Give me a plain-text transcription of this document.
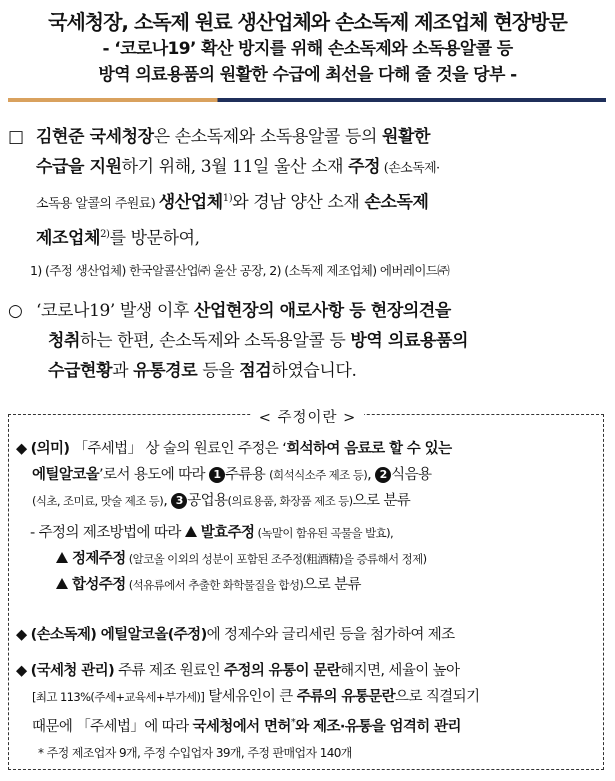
국세청장, 소독제 원료 생산업체와 손소독제 제조업체 현장방문
- ‘코로나19’ 확산 방지를 위해 손소독제와 소독용알콜 등
방역 의료용품의 원활한 수급에 최선을 다해 줄 것을 당부 -
□ 김현준 국세청장은 손소독제와 소독용알콜 등의 원활한
수급을 지원하기 위해, 3월 11일 울산 소재 주정 (손소독제·
소독용 알콜의 주원료) 생산업체$^{1)}$와 경남 양산 소재 손소독제
제조업체$^{2)}$를 방문하여,
1) (주정 생산업체) 한국알콜산업㈜ 울산 공장, 2) (소독제 제조업체) 에버레이드㈜
○ ‘코로나19’ 발생 이후 산업현장의 애로사항 등 현장의견을
청취하는 한편, 손소독제와 소독용알콜 등 방역 의료용품의
수급현황과 유통경로 등을 점검하였습니다.
< 주정이란 >
◆ (의미) 「주세법」 상 술의 원료인 주정은 ‘희석하여 음료로 할 수 있는
에틸알코올’로서 용도에 따라 1 주류용 (희석식소주 제조 등), 2 식음용
(식초, 조미료, 맛술 제조 등), 3 공업용(의료용품, 화장품 제조 등)으로 분류
- 주정의 제조방법에 따라  발효주정 (녹말이 함유된 곡물을 발효),
정제주정 (알코올 이외의 성분이 포함된 조주정(粗酒精)을 증류해서 정제)
합성주정 (석유류에서 추출한 화학물질을 합성)으로 분류
◆ (손소독제) 에틸알코올(주정)에 정제수와 글리세린 등을 첨가하여 제조
◆ (국세청 관리) 주류 제조 원료인 주정의 유통이 문란해지면, 세율이 높아
[최고 113%(주세+교육세+부가세)] 탈세유인이 큰 주류의 유통문란으로 직결되기
때문에 「주세법」에 따라 국세청에서 면허*와 제조·유통을 엄격히 관리
* 주정 제조업자 9개, 주정 수입업자 39개, 주정 판매업자 140개
